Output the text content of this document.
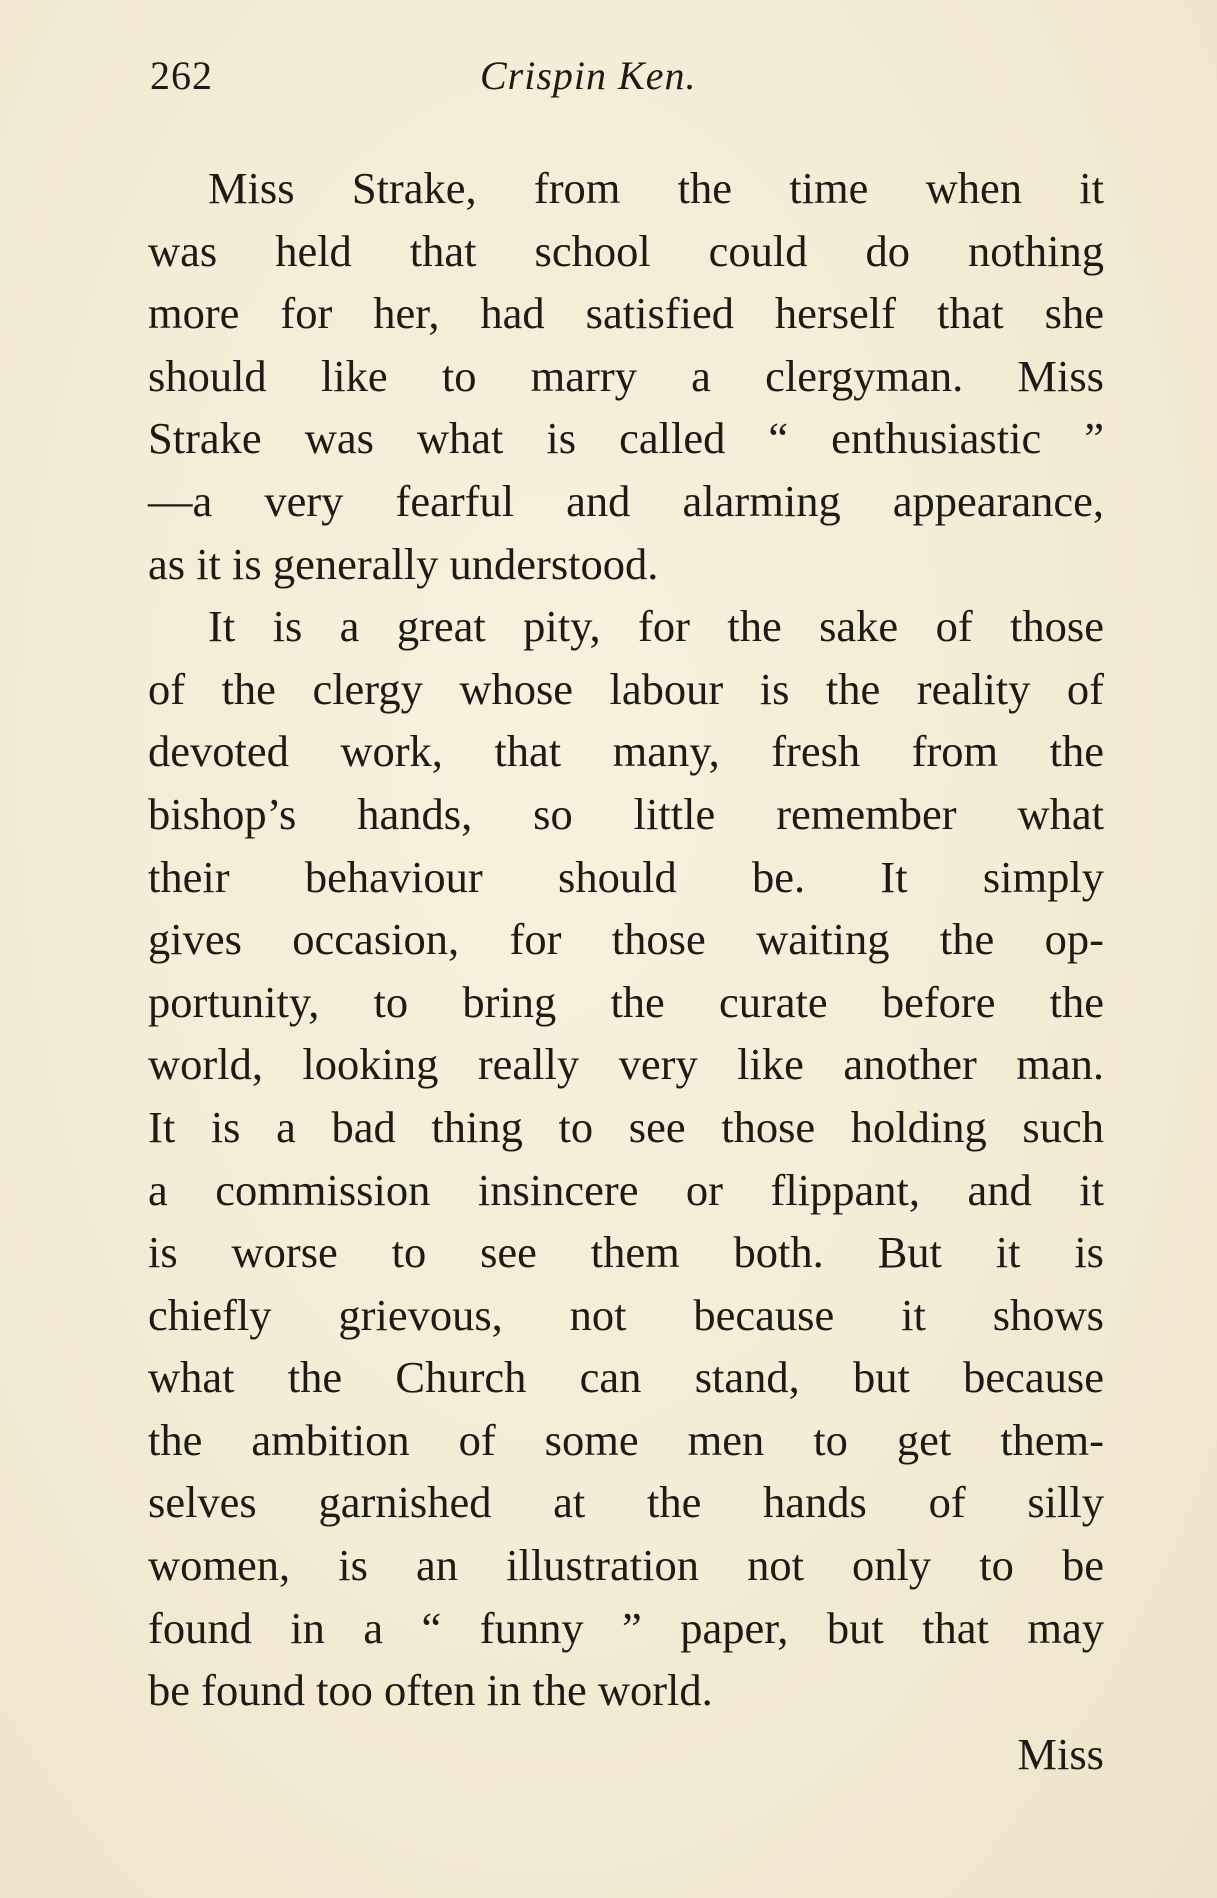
262	Crispin Ken.
Miss Strake, from the time when it
was held that school could do nothing
more for her, had satisfied herself that she
should like to marry a clergyman. Miss
Strake was what is called “ enthusiastic ”
—a very fearful and alarming appearance,
as it is generally understood.
It is a great pity, for the sake of those
of the clergy whose labour is the reality of
devoted work, that many, fresh from the
bishop’s hands, so little remember what
their behaviour should be. It simply
gives occasion, for those waiting the op-
portunity, to bring the curate before the
world, looking really very like another man.
It is a bad thing to see those holding such
a commission insincere or flippant, and it
is worse to see them both. But it is
chiefly grievous, not because it shows
what the Church can stand, but because
the ambition of some men to get them-
selves garnished at the hands of silly
women, is an illustration not only to be
found in a “ funny ” paper, but that may
be found too often in the world.
Miss
